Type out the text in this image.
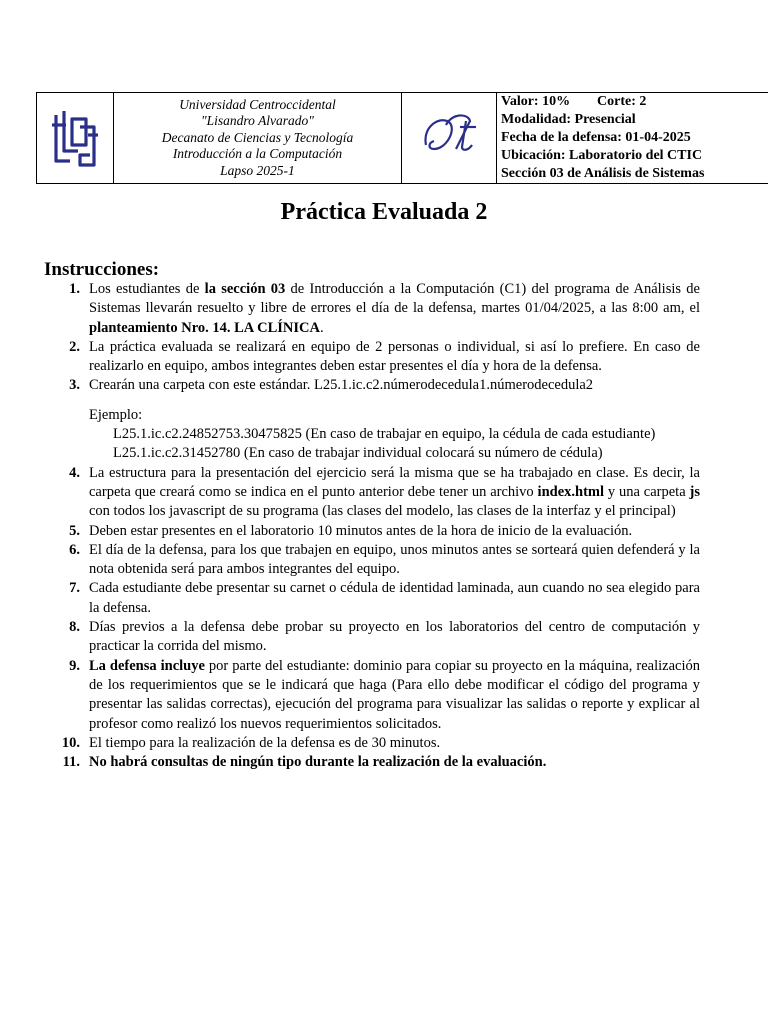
Universidad Centroccidental
"Lisandro Alvarado"
Decanato de Ciencias y Tecnología
Introducción a la Computación
Lapso 2025-1
Valor: 10%	Corte: 2
Modalidad: Presencial
Fecha de la defensa: 01-04-2025
Ubicación: Laboratorio del CTIC
Sección 03 de Análisis de Sistemas
Práctica Evaluada 2
Instrucciones:
1. Los estudiantes de la sección 03 de Introducción a la Computación (C1) del programa de Análisis de Sistemas llevarán resuelto y libre de errores el día de la defensa, martes 01/04/2025, a las 8:00 am, el planteamiento Nro. 14. LA CLÍNICA.
2. La práctica evaluada se realizará en equipo de 2 personas o individual, si así lo prefiere. En caso de realizarlo en equipo, ambos integrantes deben estar presentes el día y hora de la defensa.
3. Crearán una carpeta con este estándar. L25.1.ic.c2.númerodecedula1.númerodecedula2
Ejemplo:
L25.1.ic.c2.24852753.30475825 (En caso de trabajar en equipo, la cédula de cada estudiante)
L25.1.ic.c2.31452780 (En caso de trabajar individual colocará su número de cédula)
4. La estructura para la presentación del ejercicio será la misma que se ha trabajado en clase. Es decir, la carpeta que creará como se indica en el punto anterior debe tener un archivo index.html y una carpeta js con todos los javascript de su programa (las clases del modelo, las clases de la interfaz y el principal)
5. Deben estar presentes en el laboratorio 10 minutos antes de la hora de inicio de la evaluación.
6. El día de la defensa, para los que trabajen en equipo, unos minutos antes se sorteará quien defenderá y la nota obtenida será para ambos integrantes del equipo.
7. Cada estudiante debe presentar su carnet o cédula de identidad laminada, aun cuando no sea elegido para la defensa.
8. Días previos a la defensa debe probar su proyecto en los laboratorios del centro de computación y practicar la corrida del mismo.
9. La defensa incluye por parte del estudiante: dominio para copiar su proyecto en la máquina, realización de los requerimientos que se le indicará que haga (Para ello debe modificar el código del programa y presentar las salidas correctas), ejecución del programa para visualizar las salidas o reporte y explicar al profesor como realizó los nuevos requerimientos solicitados.
10. El tiempo para la realización de la defensa es de 30 minutos.
11. No habrá consultas de ningún tipo durante la realización de la evaluación.
